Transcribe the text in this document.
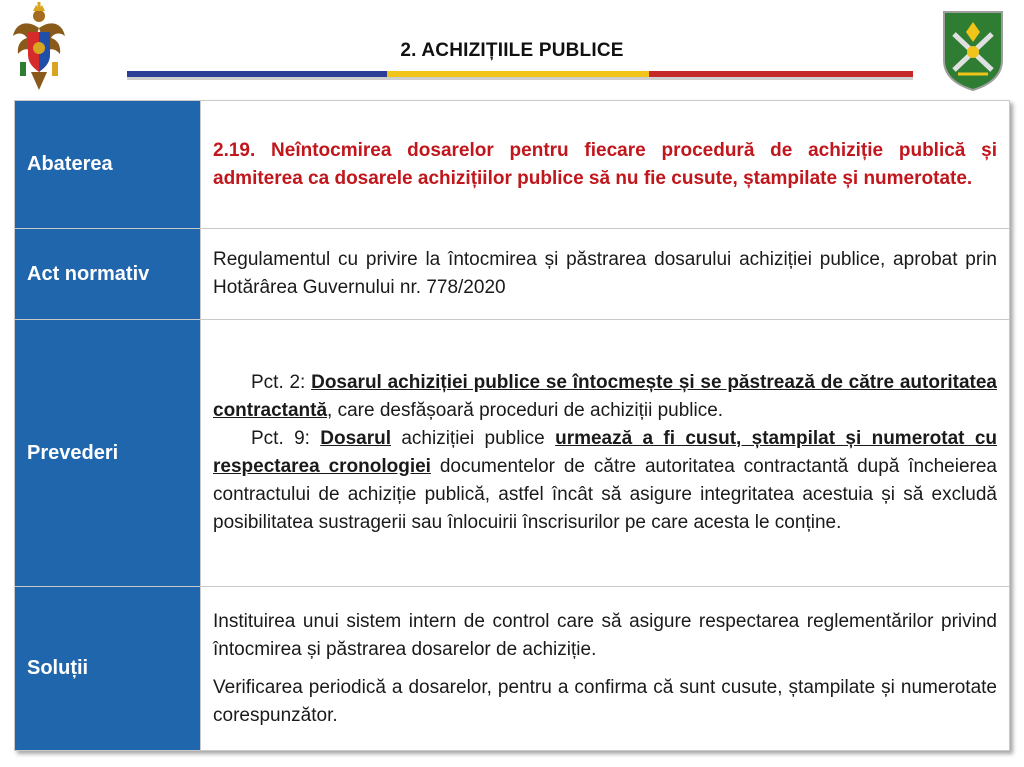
2. ACHIZIȚIILE PUBLICE
Abaterea	2.19. Neîntocmirea dosarelor pentru fiecare procedură de achiziție publică și admiterea ca dosarele achizițiilor publice să nu fie cusute, ștampilate și numerotate.

Act normativ	Regulamentul cu privire la întocmirea și păstrarea dosarului achiziției publice, aprobat prin Hotărârea Guvernului nr. 778/2020

Prevederi	Pct. 2: Dosarul achiziției publice se întocmește și se păstrează de către autoritatea contractantă, care desfășoară proceduri de achiziții publice.

Pct. 9: Dosarul achiziției publice urmează a fi cusut, ștampilat și numerotat cu respectarea cronologiei documentelor de către autoritatea contractantă după încheierea contractului de achiziție publică, astfel încât să asigure integritatea acestuia și să excludă posibilitatea sustragerii sau înlocuirii înscrisurilor pe care acesta le conține.

Soluții	Instituirea unui sistem intern de control care să asigure respectarea reglementărilor privind întocmirea și păstrarea dosarelor de achiziție.

Verificarea periodică a dosarelor, pentru a confirma că sunt cusute, ștampilate și numerotate corespunzător.
